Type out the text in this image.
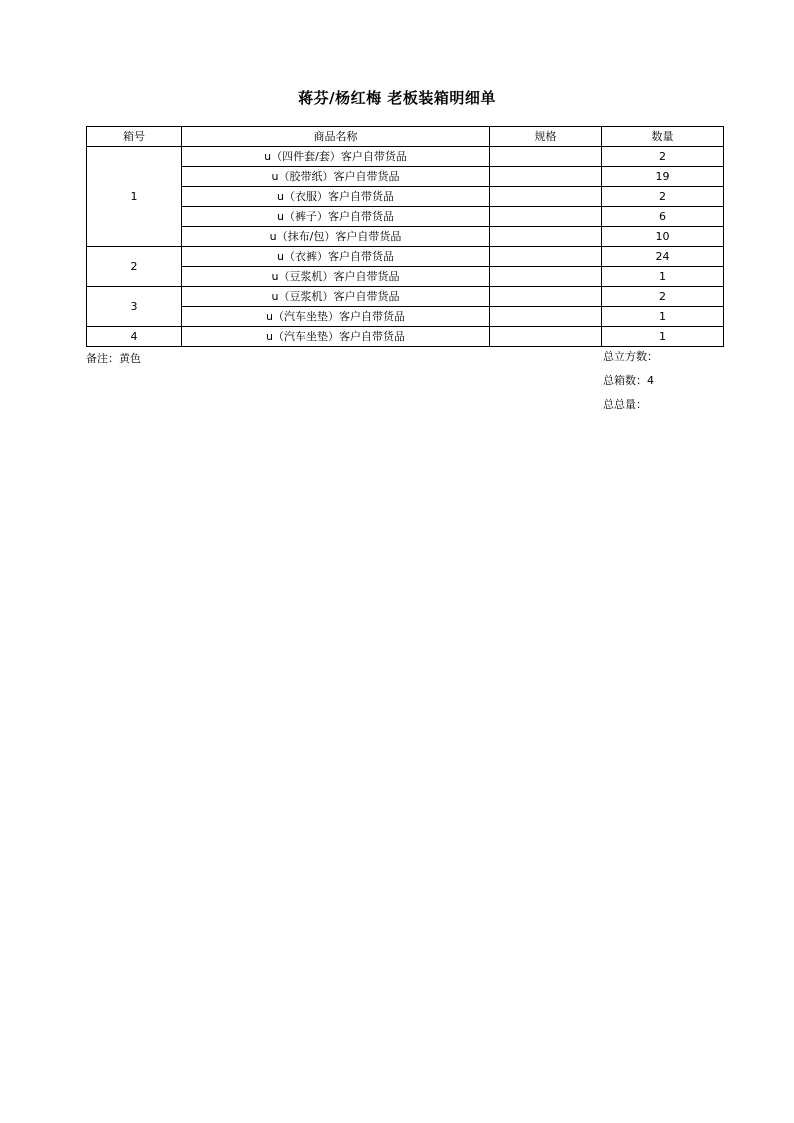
蒋芬/杨红梅 老板装箱明细单
箱号	商品名称	规格	数量
1	u（四件套/套）客户自带货品		2
	u（胶带纸）客户自带货品		19
	u（衣服）客户自带货品		2
	u（裤子）客户自带货品		6
	u（抹布/包）客户自带货品		10
2	u（衣裤）客户自带货品		24
	u（豆浆机）客户自带货品		1
3	u（豆浆机）客户自带货品		2
	u（汽车坐垫）客户自带货品		1
4	u（汽车坐垫）客户自带货品		1
备注：黄色	总立方数：
总箱数：4
总总量：
